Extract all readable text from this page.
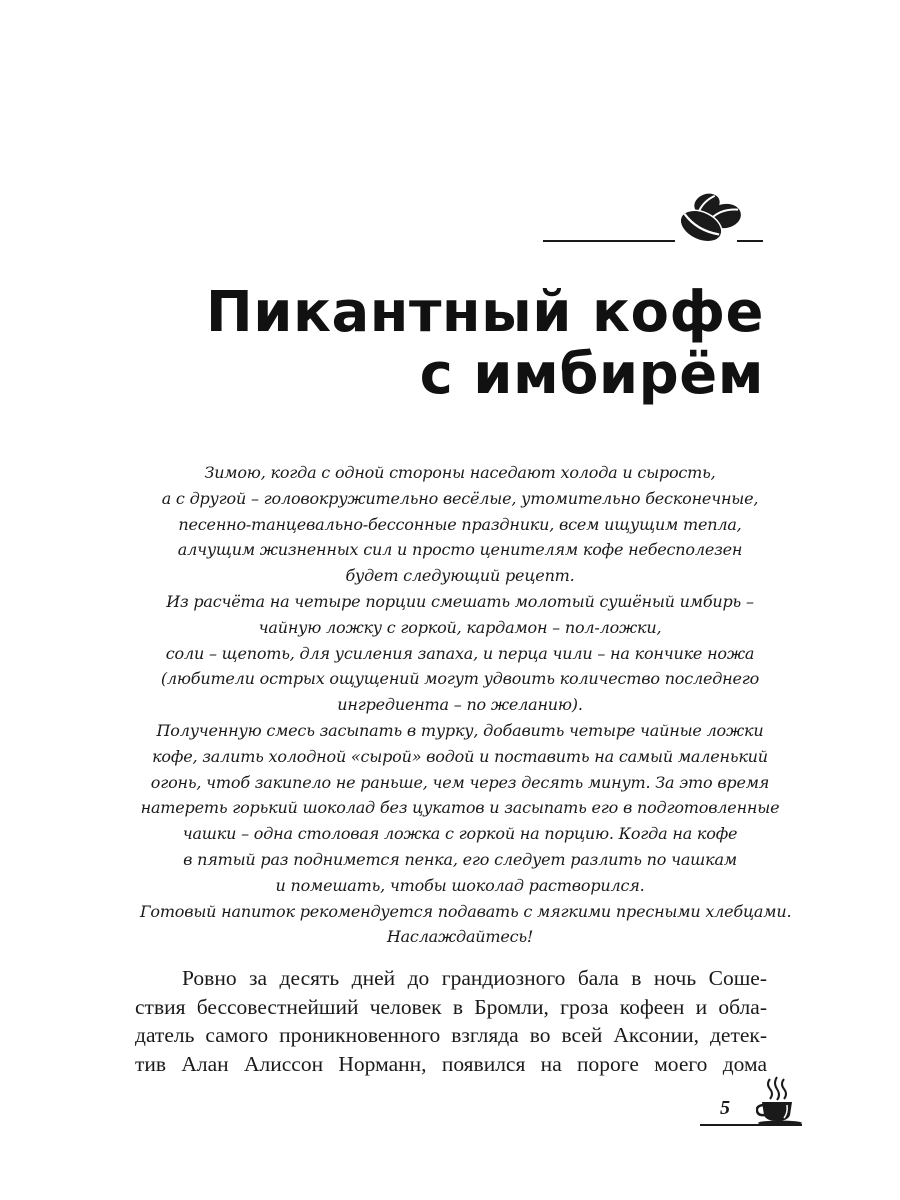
Пикантный кофе
с имбирём
Зимою, когда с одной стороны наседают холода и сырость,
а с другой – головокружительно весёлые, утомительно бесконечные,
песенно-танцевально-бессонные праздники, всем ищущим тепла,
алчущим жизненных сил и просто ценителям кофе небесполезен
будет следующий рецепт.
Из расчёта на четыре порции смешать молотый сушёный имбирь –
чайную ложку с горкой, кардамон – пол-ложки,
соли – щепоть, для усиления запаха, и перца чили – на кончике ножа
(любители острых ощущений могут удвоить количество последнего
ингредиента – по желанию).
Полученную смесь засыпать в турку, добавить четыре чайные ложки
кофе, залить холодной «сырой» водой и поставить на самый маленький
огонь, чтоб закипело не раньше, чем через десять минут. За это время
натереть горький шоколад без цукатов и засыпать его в подготовленные
чашки – одна столовая ложка с горкой на порцию. Когда на кофе
в пятый раз поднимется пенка, его следует разлить по чашкам
и помешать, чтобы шоколад растворился.
Готовый напиток рекомендуется подавать с мягкими пресными хлебцами.
Наслаждайтесь!
Ровно за десять дней до грандиозного бала в ночь Соше-
ствия бессовестнейший человек в Бромли, гроза кофеен и обла-
датель самого проникновенного взгляда во всей Аксонии, детек-
тив Алан Алиссон Норманн, появился на пороге моего дома
5
